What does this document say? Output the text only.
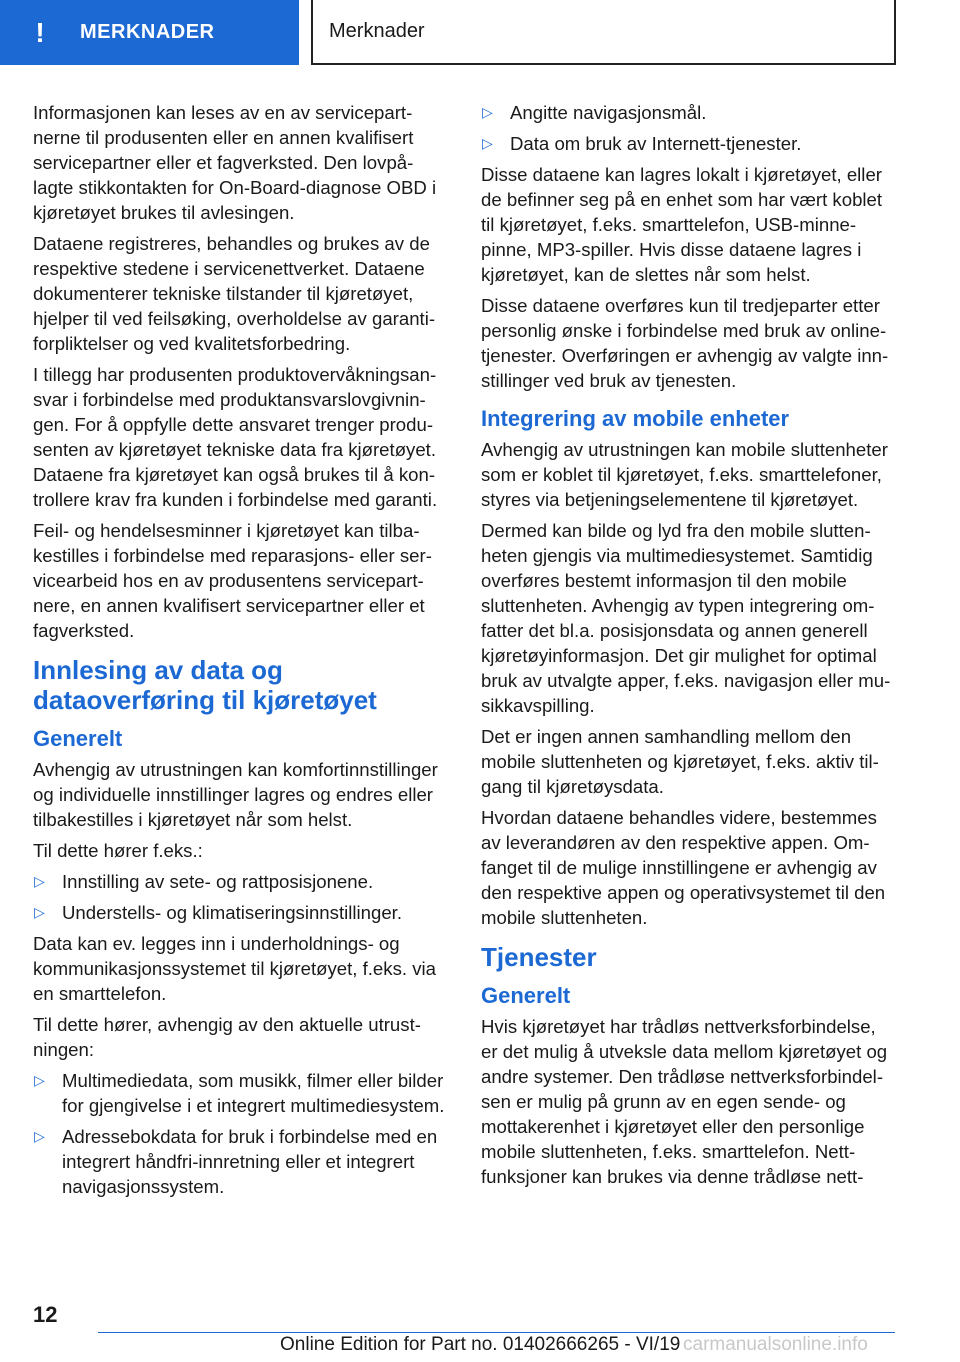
!	MERKNADER	Merknader

Informasjonen kan leses av en av servicepartnerne til produsenten eller en annen kvalifisert servicepartner eller et fagverksted. Den lovpålagte stikkontakten for On-Board-diagnose OBD i kjøretøyet brukes til avlesingen.

Dataene registreres, behandles og brukes av de respektive stedene i servicenettverket. Dataene dokumenterer tekniske tilstander til kjøretøyet, hjelper til ved feilsøking, overholdelse av garantiforpliktelser og ved kvalitetsforbedring.

I tillegg har produsenten produktovervåkningsansvar i forbindelse med produktansvarslovgivningen. For å oppfylle dette ansvaret trenger produsenten av kjøretøyet tekniske data fra kjøretøyet. Dataene fra kjøretøyet kan også brukes til å kontrollere krav fra kunden i forbindelse med garanti.

Feil- og hendelsesminner i kjøretøyet kan tilbakestilles i forbindelse med reparasjons- eller servicearbeid hos en av produsentens servicepartnere, en annen kvalifisert servicepartner eller et fagverksted.

Innlesing av data og dataoverføring til kjøretøyet
Generelt

Avhengig av utrustningen kan komfortinnstillinger og individuelle innstillinger lagres og endres eller tilbakestilles i kjøretøyet når som helst.

Til dette hører f.eks.:

▷ Innstilling av sete- og rattposisjonene.
▷ Understells- og klimatiseringsinnstillinger.

Data kan ev. legges inn i underholdnings- og kommunikasjonssystemet til kjøretøyet, f.eks. via en smarttelefon.

Til dette hører, avhengig av den aktuelle utrustningen:

▷ Multimediedata, som musikk, filmer eller bilder for gjengivelse i et integrert multimediesystem.
▷ Adressebokdata for bruk i forbindelse med en integrert håndfri-innretning eller et integrert navigasjonssystem.
▷ Angitte navigasjonsmål.
▷ Data om bruk av Internett-tjenester.

Disse dataene kan lagres lokalt i kjøretøyet, eller de befinner seg på en enhet som har vært koblet til kjøretøyet, f.eks. smarttelefon, USB-minnepinne, MP3-spiller. Hvis disse dataene lagres i kjøretøyet, kan de slettes når som helst.

Disse dataene overføres kun til tredjeparter etter personlig ønske i forbindelse med bruk av online-tjenester. Overføringen er avhengig av valgte innstillinger ved bruk av tjenesten.

Integrering av mobile enheter

Avhengig av utrustningen kan mobile sluttenheter som er koblet til kjøretøyet, f.eks. smarttelefoner, styres via betjeningselementene til kjøretøyet.

Dermed kan bilde og lyd fra den mobile sluttenheten gjengis via multimediesystemet. Samtidig overføres bestemt informasjon til den mobile sluttenheten. Avhengig av typen integrering omfatter det bl.a. posisjonsdata og annen generell kjøretøyinformasjon. Det gir mulighet for optimal bruk av utvalgte apper, f.eks. navigasjon eller musikkavspilling.

Det er ingen annen samhandling mellom den mobile sluttenheten og kjøretøyet, f.eks. aktiv tilgang til kjøretøysdata.

Hvordan dataene behandles videre, bestemmes av leverandøren av den respektive appen. Omfanget til de mulige innstillingene er avhengig av den respektive appen og operativsystemet til den mobile sluttenheten.

Tjenester
Generelt

Hvis kjøretøyet har trådløs nettverksforbindelse, er det mulig å utveksle data mellom kjøretøyet og andre systemer. Den trådløse nettverksforbindelsen er mulig på grunn av en egen sende- og mottakerenhet i kjøretøyet eller den personlige mobile sluttenheten, f.eks. smarttelefon. Nettfunksjoner kan brukes via denne trådløse nett-

12
Online Edition for Part no. 01402666265 - VI/19 carmanualsonline.info
